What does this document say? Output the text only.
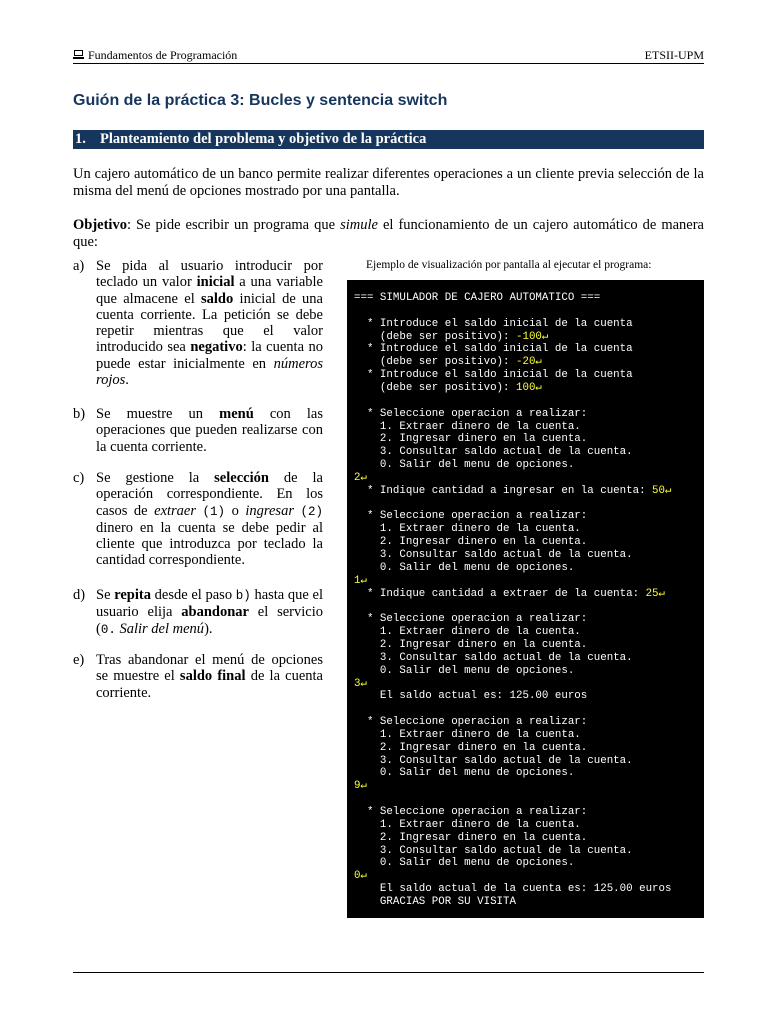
Fundamentos de Programación	ETSII-UPM
Guión de la práctica 3: Bucles y sentencia switch
1. Planteamiento del problema y objetivo de la práctica

Un cajero automático de un banco permite realizar diferentes operaciones a un cliente previa selección de la misma del menú de opciones mostrado por una pantalla.

Objetivo: Se pide escribir un programa que simule el funcionamiento de un cajero automático de manera que:

a) Se pida al usuario introducir por teclado un valor inicial a una variable que almacene el saldo inicial de una cuenta corriente. La petición se debe repetir mientras que el valor introducido sea negativo: la cuenta no puede estar inicialmente en números rojos.
b) Se muestre un menú con las operaciones que pueden realizarse con la cuenta corriente.
c) Se gestione la selección de la operación correspondiente. En los casos de extraer (1) o ingresar (2) dinero en la cuenta se debe pedir al cliente que introduzca por teclado la cantidad correspondiente.
d) Se repita desde el paso b) hasta que el usuario elija abandonar el servicio (0. Salir del menú).
e) Tras abandonar el menú de opciones se muestre el saldo final de la cuenta corriente.
Ejemplo de visualización por pantalla al ejecutar el programa:
=== SIMULADOR DE CAJERO AUTOMATICO ===
* Introduce el saldo inicial de la cuenta
(debe ser positivo): -100↵
* Introduce el saldo inicial de la cuenta
(debe ser positivo): -20↵
* Introduce el saldo inicial de la cuenta
(debe ser positivo): 100↵
* Seleccione operacion a realizar:
1. Extraer dinero de la cuenta.
2. Ingresar dinero en la cuenta.
3. Consultar saldo actual de la cuenta.
0. Salir del menu de opciones.
2↵
* Indique cantidad a ingresar en la cuenta: 50↵
* Seleccione operacion a realizar:
1. Extraer dinero de la cuenta.
2. Ingresar dinero en la cuenta.
3. Consultar saldo actual de la cuenta.
0. Salir del menu de opciones.
1↵
* Indique cantidad a extraer de la cuenta: 25↵
* Seleccione operacion a realizar:
1. Extraer dinero de la cuenta.
2. Ingresar dinero en la cuenta.
3. Consultar saldo actual de la cuenta.
0. Salir del menu de opciones.
3↵
El saldo actual es: 125.00 euros
* Seleccione operacion a realizar:
1. Extraer dinero de la cuenta.
2. Ingresar dinero en la cuenta.
3. Consultar saldo actual de la cuenta.
0. Salir del menu de opciones.
9↵
* Seleccione operacion a realizar:
1. Extraer dinero de la cuenta.
2. Ingresar dinero en la cuenta.
3. Consultar saldo actual de la cuenta.
0. Salir del menu de opciones.
0↵
El saldo actual de la cuenta es: 125.00 euros
GRACIAS POR SU VISITA
